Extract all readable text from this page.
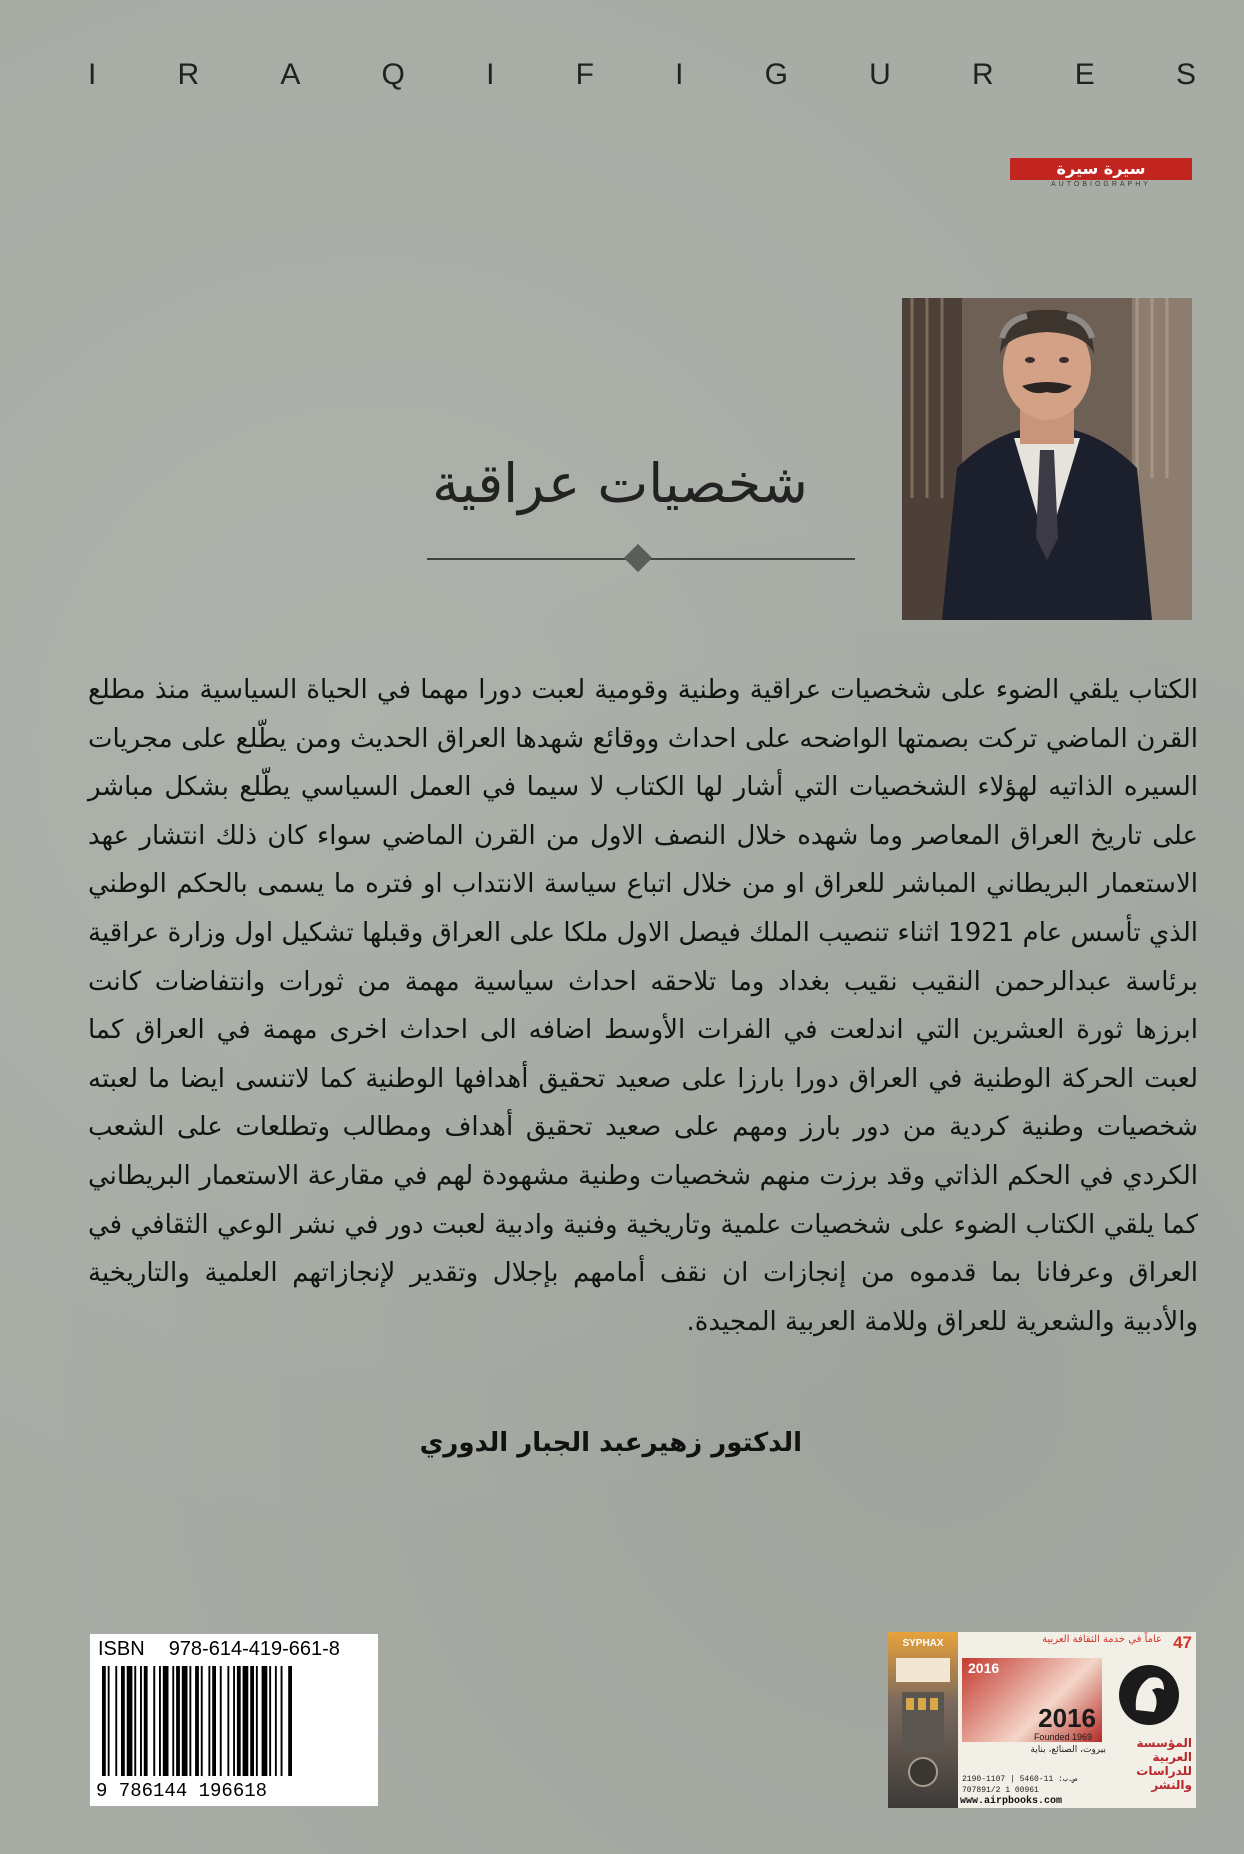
I	R	A	Q	I	F	I	G	U	R	E	S
سيرة سيرة
AUTOBIOGRAPHY
شخصيات عراقية
الكتاب يلقي الضوء على شخصيات عراقية وطنية وقومية لعبت دورا مهما في الحياة السياسية منذ مطلع القرن الماضي تركت بصمتها الواضحه على احداث ووقائع شهدها العراق الحديث ومن يطّلع على مجريات السيره الذاتيه لهؤلاء الشخصيات التي أشار لها الكتاب لا سيما في العمل السياسي يطّلع بشكل مباشر على تاريخ العراق المعاصر وما شهده خلال النصف الاول من القرن الماضي سواء كان ذلك انتشار عهد الاستعمار البريطاني المباشر للعراق او من خلال اتباع سياسة الانتداب او فتره ما يسمى بالحكم الوطني الذي تأسس عام 1921 اثناء تنصيب الملك فيصل الاول ملكا على العراق وقبلها تشكيل اول وزارة عراقية برئاسة عبدالرحمن النقيب نقيب بغداد وما تلاحقه احداث سياسية مهمة من ثورات وانتفاضات كانت ابرزها ثورة العشرين التي اندلعت في الفرات الأوسط اضافه الى احداث اخرى مهمة في العراق كما لعبت الحركة الوطنية في العراق دورا بارزا على صعيد تحقيق أهدافها الوطنية كما لاتنسى ايضا ما لعبته شخصيات وطنية كردية من دور بارز ومهم على صعيد تحقيق أهداف ومطالب وتطلعات على الشعب الكردي في الحكم الذاتي وقد برزت منهم شخصيات وطنية مشهودة لهم في مقارعة الاستعمار البريطاني كما يلقي الكتاب الضوء على شخصيات علمية وتاريخية وفنية وادبية لعبت دور في نشر الوعي الثقافي في العراق وعرفانا بما قدموه من إنجازات ان نقف أمامهم بإجلال وتقدير لإنجازاتهم العلمية والتاريخية والأدبية والشعرية للعراق وللامة العربية المجيدة.
الدكتور زهيرعبد الجبار الدوري
ISBN 978-614-419-661-8
9 786144 196618
SYPHAX	47
عاماً في خدمة الثقافة العربية
2016
2016
Founded 1969	المؤسسة العربية للدراسات والنشر
بيروت، الصنائع، بناية
2190-1107 ص.ب: 11-5460 | 00961 1 707891/2
www.airpbooks.com
